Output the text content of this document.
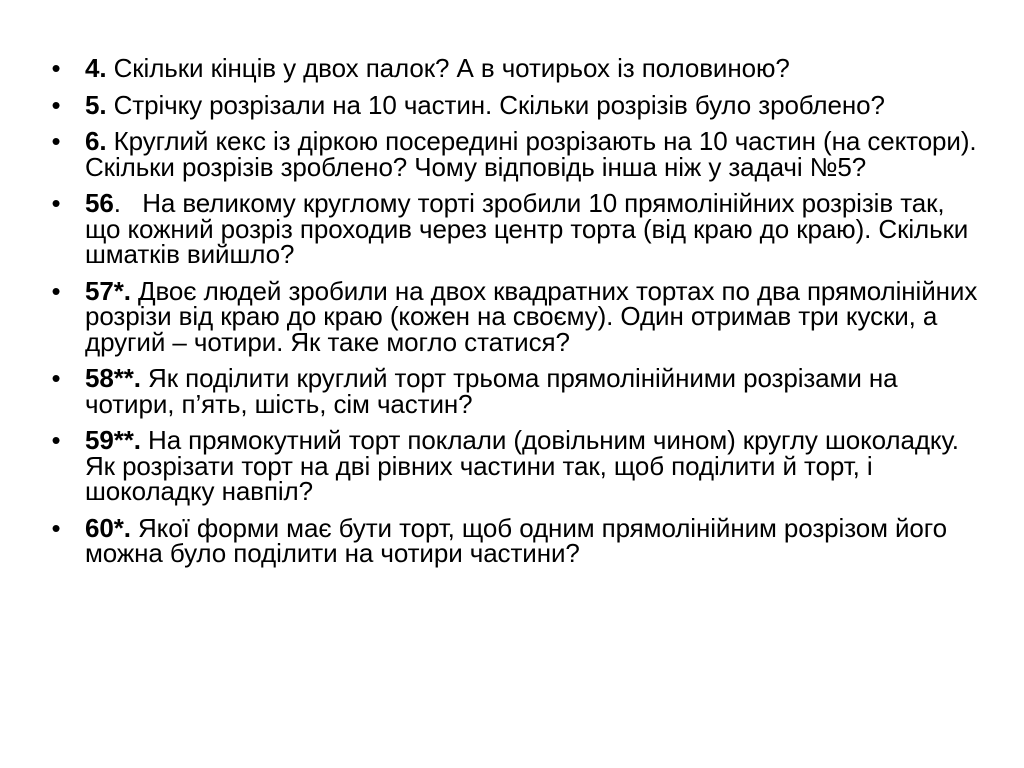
• 4. Скільки кінців у двох палок? А в чотирьох із половиною?
• 5. Стрічку розрізали на 10 частин. Скільки розрізів було зроблено?
• 6. Круглий кекс із діркою посередині розрізають на 10 частин (на сектори). Скільки розрізів зроблено? Чому відповідь інша ніж у задачі №5?
• 56.   На великому круглому торті зробили 10 прямолінійних розрізів так, що кожний розріз проходив через центр торта (від краю до краю). Скільки шматків вийшло?
• 57*. Двоє людей зробили на двох квадратних тортах по два прямолінійних розрізи від краю до краю (кожен на своєму). Один отримав три куски, а другий – чотири. Як таке могло статися?
• 58**. Як поділити круглий торт трьома прямолінійними розрізами на чотири, п’ять, шість, сім частин?
• 59**. На прямокутний торт поклали (довільним чином) круглу шоколадку. Як розрізати торт на дві рівних частини так, щоб поділити й торт, і шоколадку навпіл?
• 60*. Якої форми має бути торт, щоб одним прямолінійним розрізом його можна було поділити на чотири частини?
